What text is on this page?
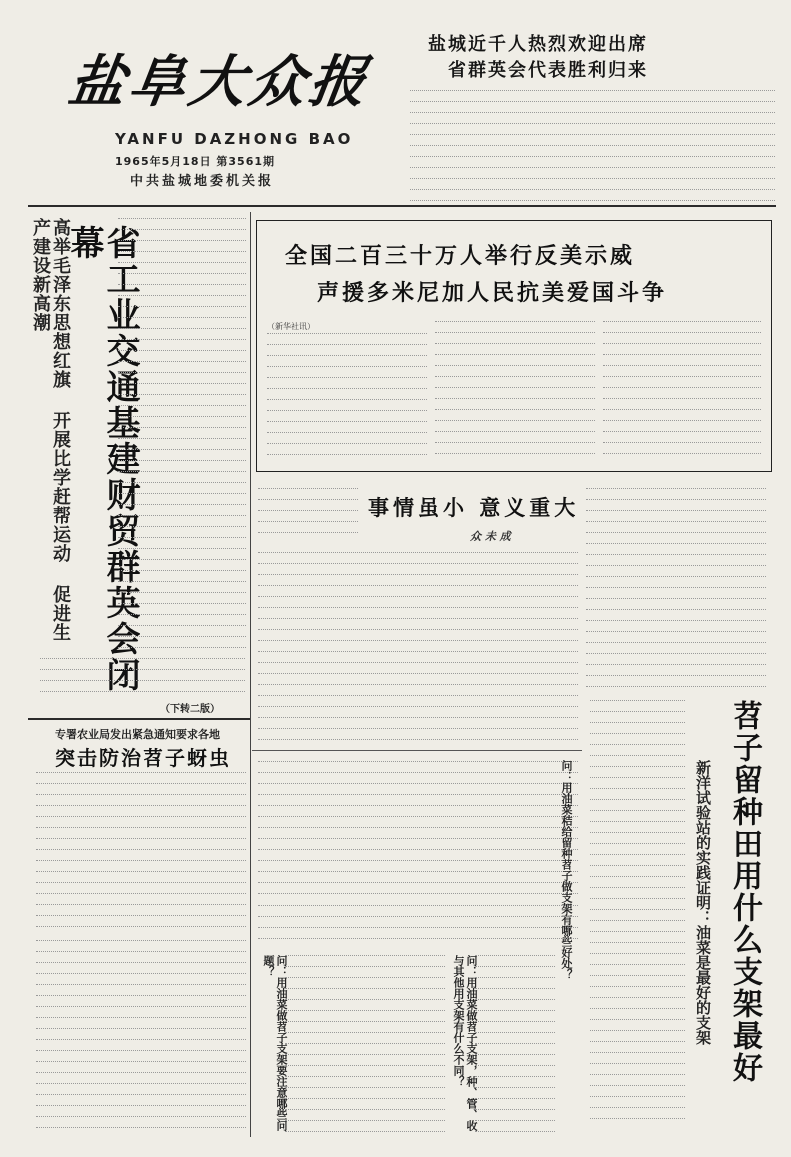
盐阜大众报
YANFU DAZHONG BAO
1965年5月18日 第3561期
中共盐城地委机关报
盐城近千人热烈欢迎出席
省群英会代表胜利归来
高举毛泽东思想红旗 开展比学赶帮运动 促进生产建设新高潮	省工业交通基建财贸群英会闭幕
（下转二版）
专署农业局发出紧急通知要求各地
突击防治苕子蚜虫
全国二百三十万人举行反美示威
声援多米尼加人民抗美爱国斗争
（新华社讯）
事情虽小 意义重大
众 未 成
苕子留种田用什么支架最好
新洋试验站的实践证明：油菜是最好的支架
问：用油菜秸给留种苕子做支架有哪些好处？
问：用油菜做苕子支架，种、管、收与其他用支架有什么不同？
问：用油菜做苕子支架要注意哪些问题？
